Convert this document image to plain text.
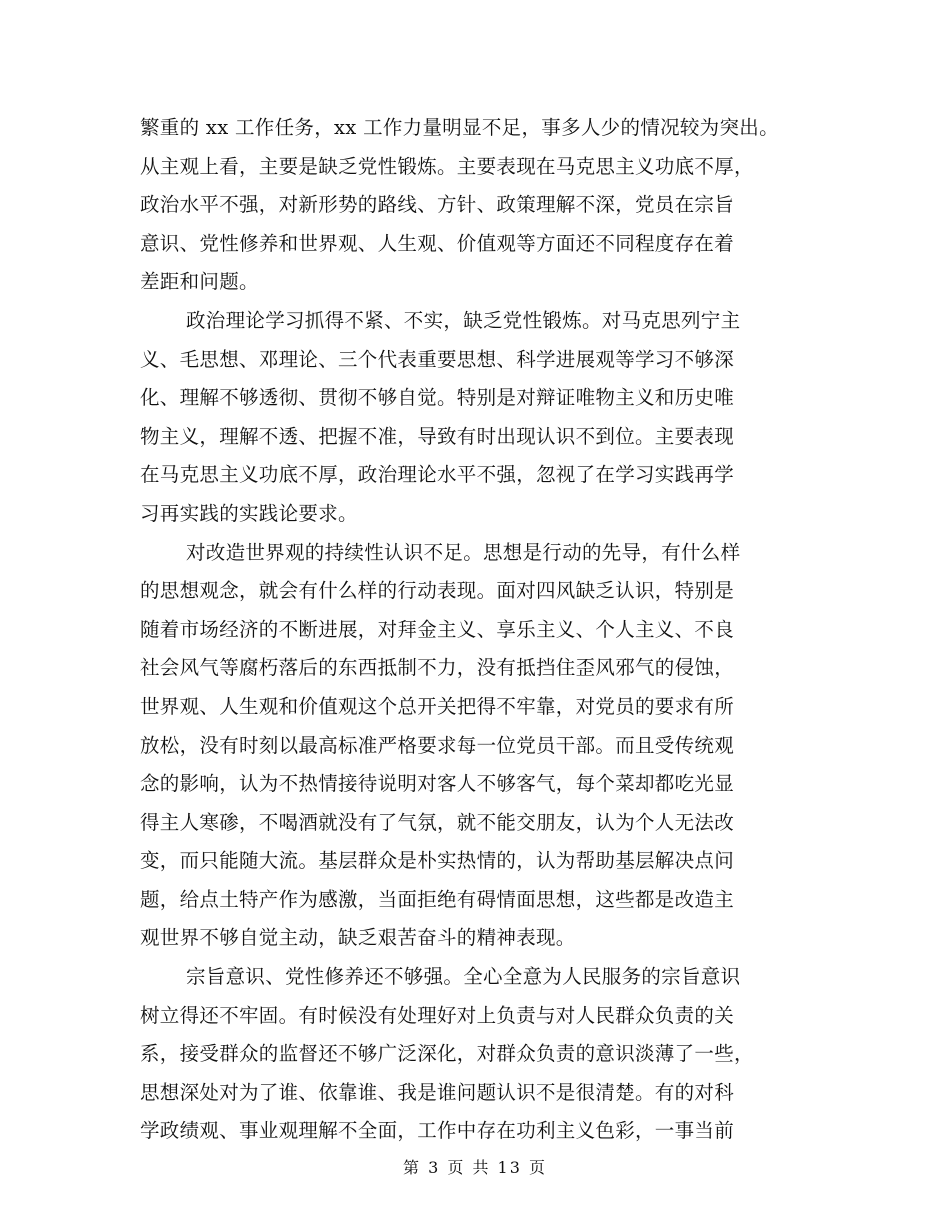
繁重的 xx 工作任务，xx 工作力量明显不足，事多人少的情况较为突出。
从主观上看，主要是缺乏党性锻炼。主要表现在马克思主义功底不厚，
政治水平不强，对新形势的路线、方针、政策理解不深，党员在宗旨
意识、党性修养和世界观、人生观、价值观等方面还不同程度存在着
差距和问题。
政治理论学习抓得不紧、不实，缺乏党性锻炼。对马克思列宁主
义、毛思想、邓理论、三个代表重要思想、科学进展观等学习不够深
化、理解不够透彻、贯彻不够自觉。特别是对辩证唯物主义和历史唯
物主义，理解不透、把握不准，导致有时出现认识不到位。主要表现
在马克思主义功底不厚，政治理论水平不强，忽视了在学习实践再学
习再实践的实践论要求。
对改造世界观的持续性认识不足。思想是行动的先导，有什么样
的思想观念，就会有什么样的行动表现。面对四风缺乏认识，特别是
随着市场经济的不断进展，对拜金主义、享乐主义、个人主义、不良
社会风气等腐朽落后的东西抵制不力，没有抵挡住歪风邪气的侵蚀，
世界观、人生观和价值观这个总开关把得不牢靠，对党员的要求有所
放松，没有时刻以最高标准严格要求每一位党员干部。而且受传统观
念的影响，认为不热情接待说明对客人不够客气，每个菜却都吃光显
得主人寒碜，不喝酒就没有了气氛，就不能交朋友，认为个人无法改
变，而只能随大流。基层群众是朴实热情的，认为帮助基层解决点问
题，给点土特产作为感激，当面拒绝有碍情面思想，这些都是改造主
观世界不够自觉主动，缺乏艰苦奋斗的精神表现。
宗旨意识、党性修养还不够强。全心全意为人民服务的宗旨意识
树立得还不牢固。有时候没有处理好对上负责与对人民群众负责的关
系，接受群众的监督还不够广泛深化，对群众负责的意识淡薄了一些，
思想深处对为了谁、依靠谁、我是谁问题认识不是很清楚。有的对科
学政绩观、事业观理解不全面，工作中存在功利主义色彩，一事当前
第 3 页 共 13 页
